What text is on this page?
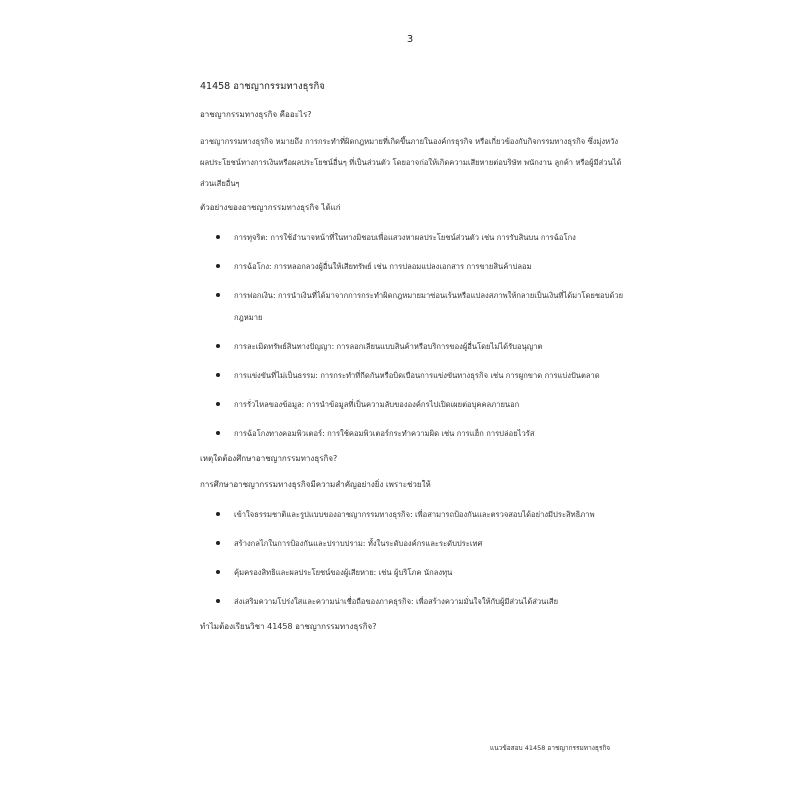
3
41458 อาชญากรรมทางธุรกิจ
อาชญากรรมทางธุรกิจ คืออะไร?
อาชญากรรมทางธุรกิจ หมายถึง การกระทำที่ผิดกฎหมายที่เกิดขึ้นภายในองค์กรธุรกิจ หรือเกี่ยวข้องกับกิจกรรมทางธุรกิจ ซึ่งมุ่งหวังผลประโยชน์ทางการเงินหรือผลประโยชน์อื่นๆ ที่เป็นส่วนตัว โดยอาจก่อให้เกิดความเสียหายต่อบริษัท พนักงาน ลูกค้า หรือผู้มีส่วนได้ส่วนเสียอื่นๆ
ตัวอย่างของอาชญากรรมทางธุรกิจ ได้แก่
การทุจริต: การใช้อำนาจหน้าที่ในทางมิชอบเพื่อแสวงหาผลประโยชน์ส่วนตัว เช่น การรับสินบน การฉ้อโกง
การฉ้อโกง: การหลอกลวงผู้อื่นให้เสียทรัพย์ เช่น การปลอมแปลงเอกสาร การขายสินค้าปลอม
การฟอกเงิน: การนำเงินที่ได้มาจากการกระทำผิดกฎหมายมาซ่อนเร้นหรือแปลงสภาพให้กลายเป็นเงินที่ได้มาโดยชอบด้วยกฎหมาย
การละเมิดทรัพย์สินทางปัญญา: การลอกเลียนแบบสินค้าหรือบริการของผู้อื่นโดยไม่ได้รับอนุญาต
การแข่งขันที่ไม่เป็นธรรม: การกระทำที่กีดกันหรือบิดเบือนการแข่งขันทางธุรกิจ เช่น การผูกขาด การแบ่งปันตลาด
การรั่วไหลของข้อมูล: การนำข้อมูลที่เป็นความลับขององค์กรไปเปิดเผยต่อบุคคลภายนอก
การฉ้อโกงทางคอมพิวเตอร์: การใช้คอมพิวเตอร์กระทำความผิด เช่น การแฮ็ก การปล่อยไวรัส
เหตุใดต้องศึกษาอาชญากรรมทางธุรกิจ?
การศึกษาอาชญากรรมทางธุรกิจมีความสำคัญอย่างยิ่ง เพราะช่วยให้
เข้าใจธรรมชาติและรูปแบบของอาชญากรรมทางธุรกิจ: เพื่อสามารถป้องกันและตรวจสอบได้อย่างมีประสิทธิภาพ
สร้างกลไกในการป้องกันและปราบปราม: ทั้งในระดับองค์กรและระดับประเทศ
คุ้มครองสิทธิและผลประโยชน์ของผู้เสียหาย: เช่น ผู้บริโภค นักลงทุน
ส่งเสริมความโปร่งใสและความน่าเชื่อถือของภาคธุรกิจ: เพื่อสร้างความมั่นใจให้กับผู้มีส่วนได้ส่วนเสีย
ทำไมต้องเรียนวิชา 41458 อาชญากรรมทางธุรกิจ?
แนวข้อสอบ 41458 อาชญากรรมทางธุรกิจ
